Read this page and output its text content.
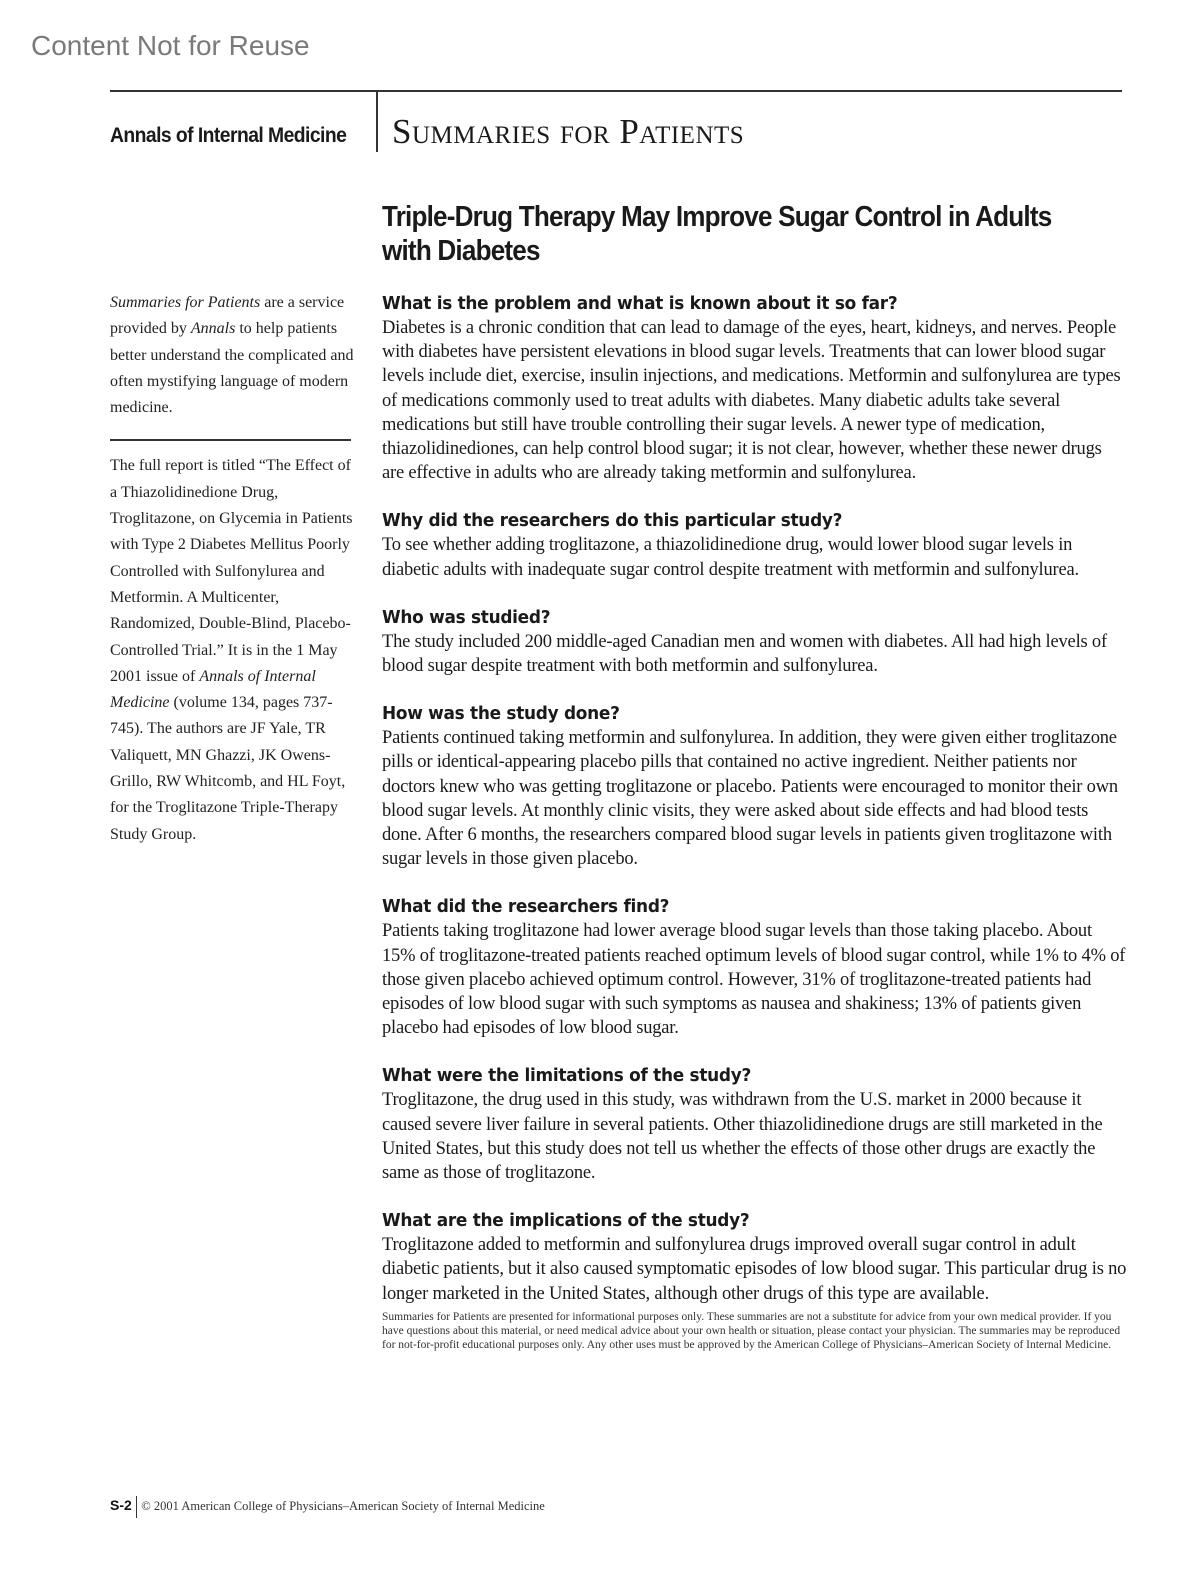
Content Not for Reuse
Annals of Internal Medicine Summaries for Patients

Summaries for Patients are a service provided by Annals to help patients better understand the complicated and often mystifying language of modern medicine.

The full report is titled “The Effect of a Thiazolidinedione Drug, Troglitazone, on Glycemia in Patients with Type 2 Diabetes Mellitus Poorly Controlled with Sulfonylurea and Metformin. A Multicenter, Randomized, Double-Blind, Placebo-Controlled Trial.” It is in the 1 May 2001 issue of Annals of Internal Medicine (volume 134, pages 737-745). The authors are JF Yale, TR Valiquett, MN Ghazzi, JK Owens-Grillo, RW Whitcomb, and HL Foyt, for the Troglitazone Triple-Therapy Study Group.

Triple-Drug Therapy May Improve Sugar Control in Adults with Diabetes
What is the problem and what is known about it so far?

Diabetes is a chronic condition that can lead to damage of the eyes, heart, kidneys, and nerves. People with diabetes have persistent elevations in blood sugar levels. Treatments that can lower blood sugar levels include diet, exercise, insulin injections, and medications. Metformin and sulfonylurea are types of medications commonly used to treat adults with diabetes. Many diabetic adults take several medications but still have trouble controlling their sugar levels. A newer type of medication, thiazolidinediones, can help control blood sugar; it is not clear, however, whether these newer drugs are effective in adults who are already taking metformin and sulfonylurea.

Why did the researchers do this particular study?

To see whether adding troglitazone, a thiazolidinedione drug, would lower blood sugar levels in diabetic adults with inadequate sugar control despite treatment with metformin and sulfonylurea.

Who was studied?

The study included 200 middle-aged Canadian men and women with diabetes. All had high levels of blood sugar despite treatment with both metformin and sulfonylurea.

How was the study done?

Patients continued taking metformin and sulfonylurea. In addition, they were given either troglitazone pills or identical-appearing placebo pills that contained no active ingredient. Neither patients nor doctors knew who was getting troglitazone or placebo. Patients were encouraged to monitor their own blood sugar levels. At monthly clinic visits, they were asked about side effects and had blood tests done. After 6 months, the researchers compared blood sugar levels in patients given troglitazone with sugar levels in those given placebo.

What did the researchers find?

Patients taking troglitazone had lower average blood sugar levels than those taking placebo. About 15% of troglitazone-treated patients reached optimum levels of blood sugar control, while 1% to 4% of those given placebo achieved optimum control. However, 31% of troglitazone-treated patients had episodes of low blood sugar with such symptoms as nausea and shakiness; 13% of patients given placebo had episodes of low blood sugar.

What were the limitations of the study?

Troglitazone, the drug used in this study, was withdrawn from the U.S. market in 2000 because it caused severe liver failure in several patients. Other thiazolidinedione drugs are still marketed in the United States, but this study does not tell us whether the effects of those other drugs are exactly the same as those of troglitazone.

What are the implications of the study?

Troglitazone added to metformin and sulfonylurea drugs improved overall sugar control in adult diabetic patients, but it also caused symptomatic episodes of low blood sugar. This particular drug is no longer marketed in the United States, although other drugs of this type are available.

Summaries for Patients are presented for informational purposes only. These summaries are not a substitute for advice from your own medical provider. If you have questions about this material, or need medical advice about your own health or situation, please contact your physician. The summaries may be reproduced for not-for-profit educational purposes only. Any other uses must be approved by the American College of Physicians–American Society of Internal Medicine.

S-2 © 2001 American College of Physicians–American Society of Internal Medicine
